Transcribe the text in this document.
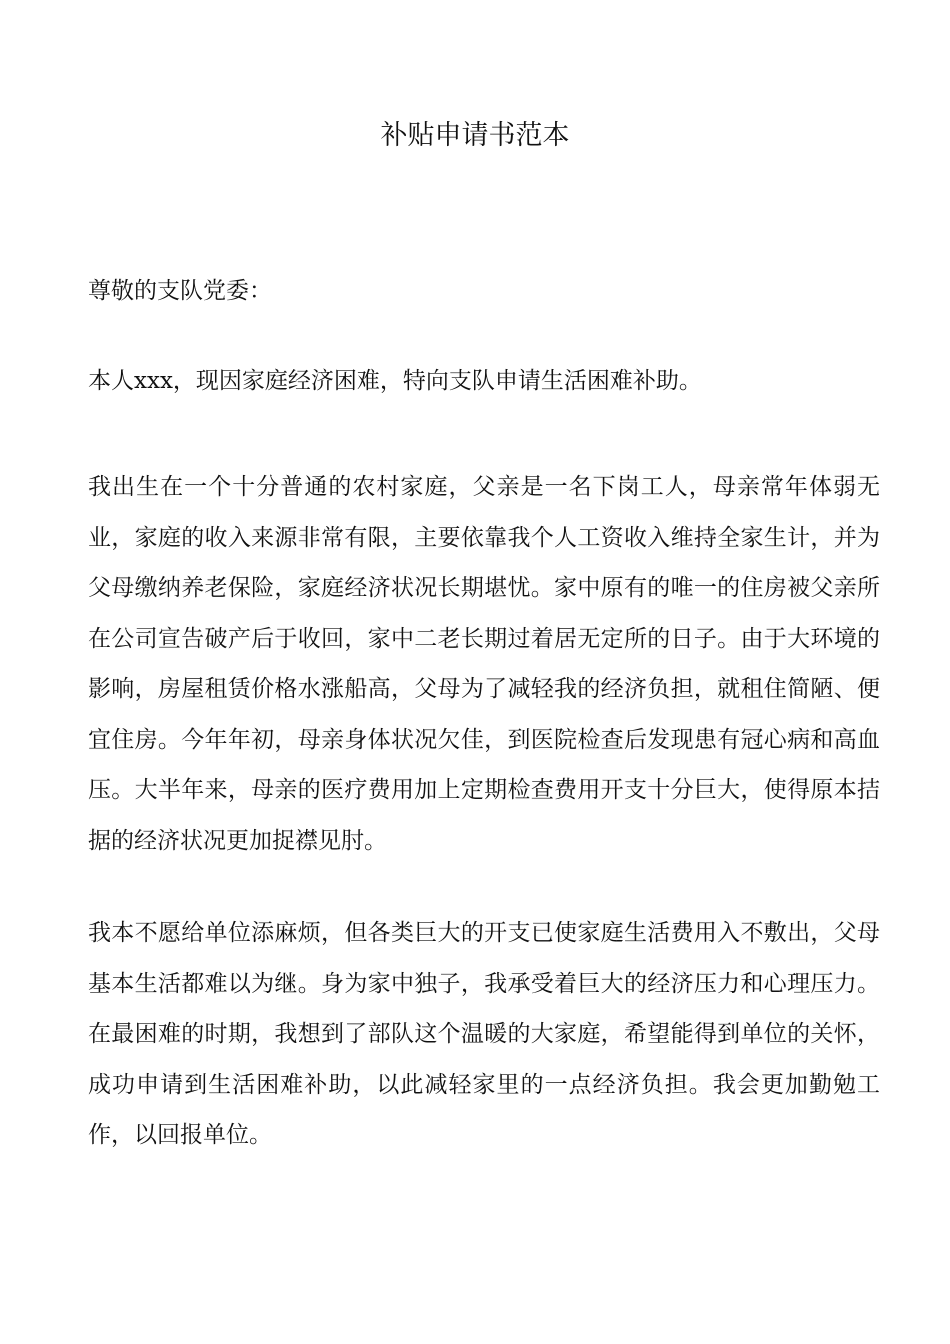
补贴申请书范本

尊敬的支队党委：

本人xxx，现因家庭经济困难，特向支队申请生活困难补助。

我出生在一个十分普通的农村家庭，父亲是一名下岗工人，母亲常年体弱无业，家庭的收入来源非常有限，主要依靠我个人工资收入维持全家生计，并为父母缴纳养老保险，家庭经济状况长期堪忧。家中原有的唯一的住房被父亲所在公司宣告破产后于收回，家中二老长期过着居无定所的日子。由于大环境的影响，房屋租赁价格水涨船高，父母为了减轻我的经济负担，就租住简陋、便宜住房。今年年初，母亲身体状况欠佳，到医院检查后发现患有冠心病和高血压。大半年来，母亲的医疗费用加上定期检查费用开支十分巨大，使得原本拮据的经济状况更加捉襟见肘。

我本不愿给单位添麻烦，但各类巨大的开支已使家庭生活费用入不敷出，父母基本生活都难以为继。身为家中独子，我承受着巨大的经济压力和心理压力。在最困难的时期，我想到了部队这个温暖的大家庭，希望能得到单位的关怀，成功申请到生活困难补助，以此减轻家里的一点经济负担。我会更加勤勉工作，以回报单位。
